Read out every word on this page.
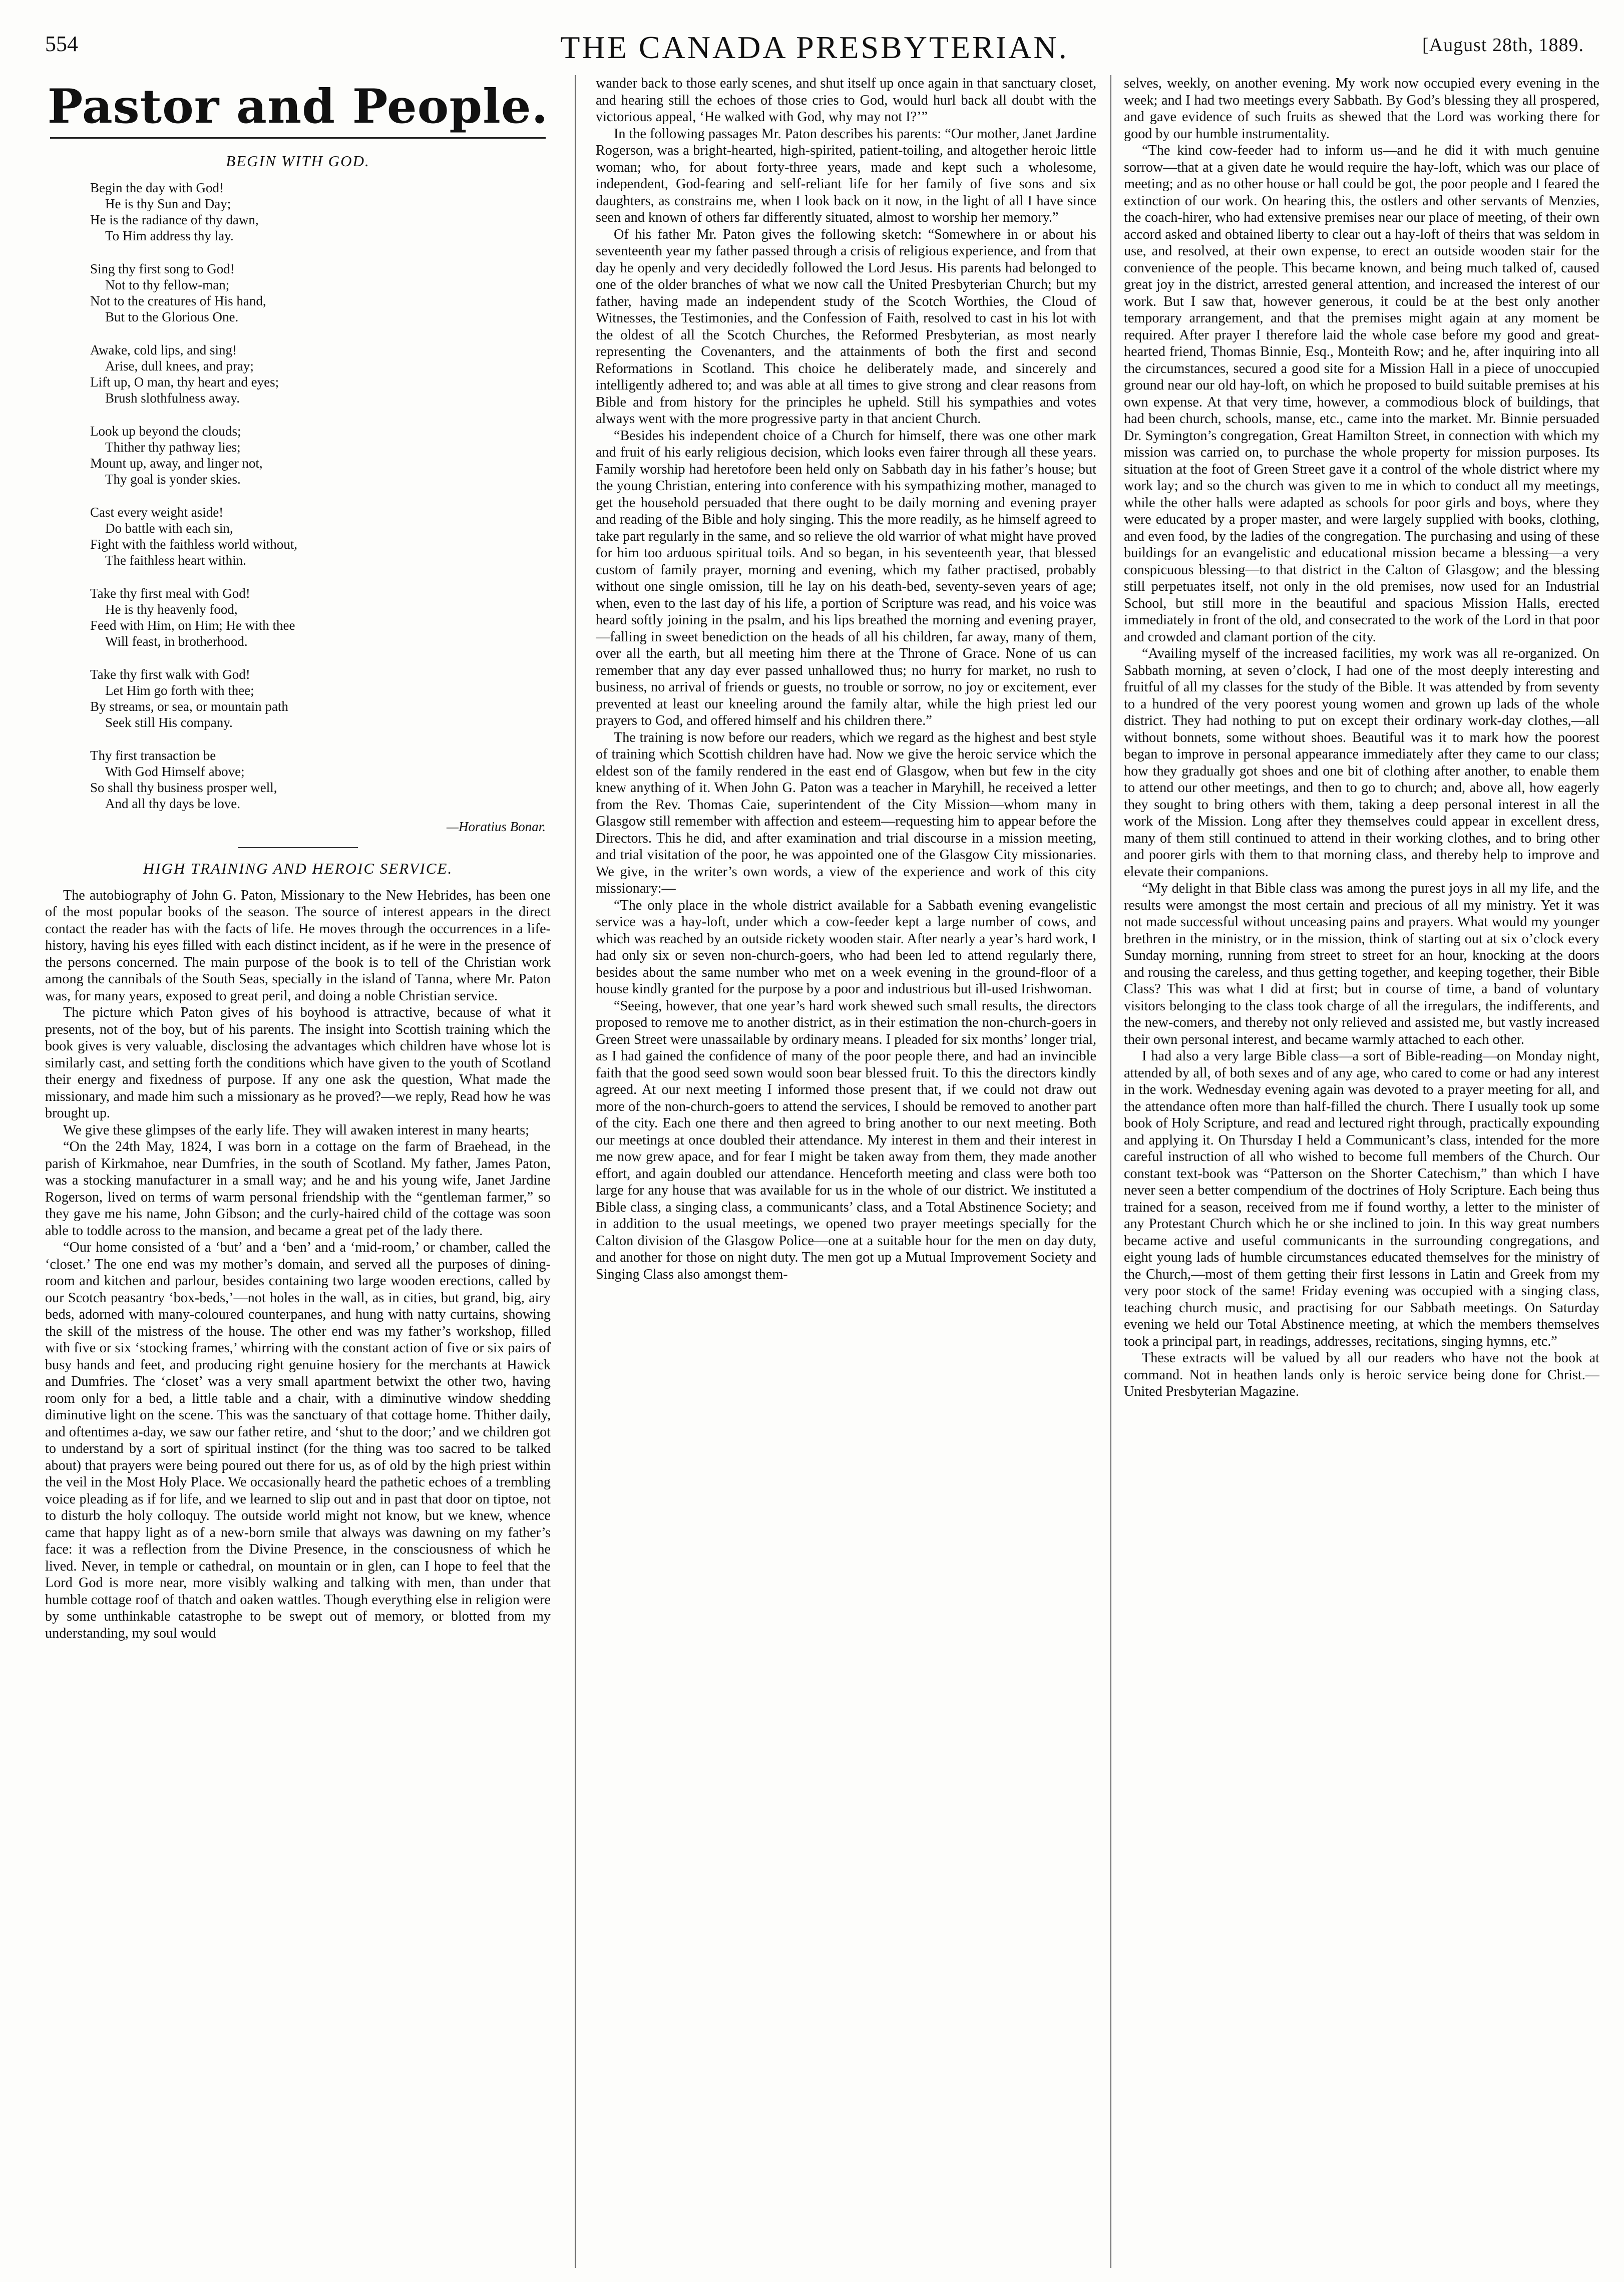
554	THE CANADA PRESBYTERIAN.	[August 28th, 1889.
Pastor and People.
BEGIN WITH GOD.
Begin the day with God!
He is thy Sun and Day;
He is the radiance of thy dawn,
To Him address thy lay.
Sing thy first song to God!
Not to thy fellow-man;
Not to the creatures of His hand,
But to the Glorious One.
Awake, cold lips, and sing!
Arise, dull knees, and pray;
Lift up, O man, thy heart and eyes;
Brush slothfulness away.
Look up beyond the clouds;
Thither thy pathway lies;
Mount up, away, and linger not,
Thy goal is yonder skies.
Cast every weight aside!
Do battle with each sin,
Fight with the faithless world without,
The faithless heart within.
Take thy first meal with God!
He is thy heavenly food,
Feed with Him, on Him; He with thee
Will feast, in brotherhood.
Take thy first walk with God!
Let Him go forth with thee;
By streams, or sea, or mountain path
Seek still His company.
Thy first transaction be
With God Himself above;
So shall thy business prosper well,
And all thy days be love.
—Horatius Bonar.
HIGH TRAINING AND HEROIC SERVICE.

The autobiography of John G. Paton, Missionary to the New Hebrides, has been one of the most popular books of the season. The source of interest appears in the direct contact the reader has with the facts of life. He moves through the occurrences in a life-history, having his eyes filled with each distinct incident, as if he were in the presence of the persons concerned. The main purpose of the book is to tell of the Christian work among the cannibals of the South Seas, specially in the island of Tanna, where Mr. Paton was, for many years, exposed to great peril, and doing a noble Christian service.

The picture which Paton gives of his boyhood is attractive, because of what it presents, not of the boy, but of his parents. The insight into Scottish training which the book gives is very valuable, disclosing the advantages which children have whose lot is similarly cast, and setting forth the conditions which have given to the youth of Scotland their energy and fixedness of purpose. If any one ask the question, What made the missionary, and made him such a missionary as he proved?—we reply, Read how he was brought up.

We give these glimpses of the early life. They will awaken interest in many hearts;

“On the 24th May, 1824, I was born in a cottage on the farm of Braehead, in the parish of Kirkmahoe, near Dumfries, in the south of Scotland. My father, James Paton, was a stocking manufacturer in a small way; and he and his young wife, Janet Jardine Rogerson, lived on terms of warm personal friendship with the “gentleman farmer,” so they gave me his name, John Gibson; and the curly-haired child of the cottage was soon able to toddle across to the mansion, and became a great pet of the lady there.

“Our home consisted of a ‘but’ and a ‘ben’ and a ‘mid-room,’ or chamber, called the ‘closet.’ The one end was my mother’s domain, and served all the purposes of dining-room and kitchen and parlour, besides containing two large wooden erections, called by our Scotch peasantry ‘box-beds,’—not holes in the wall, as in cities, but grand, big, airy beds, adorned with many-coloured counterpanes, and hung with natty curtains, showing the skill of the mistress of the house. The other end was my father’s workshop, filled with five or six ‘stocking frames,’ whirring with the constant action of five or six pairs of busy hands and feet, and producing right genuine hosiery for the merchants at Hawick and Dumfries. The ‘closet’ was a very small apartment betwixt the other two, having room only for a bed, a little table and a chair, with a diminutive window shedding diminutive light on the scene. This was the sanctuary of that cottage home. Thither daily, and oftentimes a-day, we saw our father retire, and ‘shut to the door;’ and we children got to understand by a sort of spiritual instinct (for the thing was too sacred to be talked about) that prayers were being poured out there for us, as of old by the high priest within the veil in the Most Holy Place. We occasionally heard the pathetic echoes of a trembling voice pleading as if for life, and we learned to slip out and in past that door on tiptoe, not to disturb the holy colloquy. The outside world might not know, but we knew, whence came that happy light as of a new-born smile that always was dawning on my father’s face: it was a reflection from the Divine Presence, in the consciousness of which he lived. Never, in temple or cathedral, on mountain or in glen, can I hope to feel that the Lord God is more near, more visibly walking and talking with men, than under that humble cottage roof of thatch and oaken wattles. Though everything else in religion were by some unthinkable catastrophe to be swept out of memory, or blotted from my understanding, my soul would

wander back to those early scenes, and shut itself up once again in that sanctuary closet, and hearing still the echoes of those cries to God, would hurl back all doubt with the victorious appeal, ‘He walked with God, why may not I?’”

In the following passages Mr. Paton describes his parents: “Our mother, Janet Jardine Rogerson, was a bright-hearted, high-spirited, patient-toiling, and altogether heroic little woman; who, for about forty-three years, made and kept such a wholesome, independent, God-fearing and self-reliant life for her family of five sons and six daughters, as constrains me, when I look back on it now, in the light of all I have since seen and known of others far differently situated, almost to worship her memory.”

Of his father Mr. Paton gives the following sketch: “Somewhere in or about his seventeenth year my father passed through a crisis of religious experience, and from that day he openly and very decidedly followed the Lord Jesus. His parents had belonged to one of the older branches of what we now call the United Presbyterian Church; but my father, having made an independent study of the Scotch Worthies, the Cloud of Witnesses, the Testimonies, and the Confession of Faith, resolved to cast in his lot with the oldest of all the Scotch Churches, the Reformed Presbyterian, as most nearly representing the Covenanters, and the attainments of both the first and second Reformations in Scotland. This choice he deliberately made, and sincerely and intelligently adhered to; and was able at all times to give strong and clear reasons from Bible and from history for the principles he upheld. Still his sympathies and votes always went with the more progressive party in that ancient Church.

“Besides his independent choice of a Church for himself, there was one other mark and fruit of his early religious decision, which looks even fairer through all these years. Family worship had heretofore been held only on Sabbath day in his father’s house; but the young Christian, entering into conference with his sympathizing mother, managed to get the household persuaded that there ought to be daily morning and evening prayer and reading of the Bible and holy singing. This the more readily, as he himself agreed to take part regularly in the same, and so relieve the old warrior of what might have proved for him too arduous spiritual toils. And so began, in his seventeenth year, that blessed custom of family prayer, morning and evening, which my father practised, probably without one single omission, till he lay on his death-bed, seventy-seven years of age; when, even to the last day of his life, a portion of Scripture was read, and his voice was heard softly joining in the psalm, and his lips breathed the morning and evening prayer,—falling in sweet benediction on the heads of all his children, far away, many of them, over all the earth, but all meeting him there at the Throne of Grace. None of us can remember that any day ever passed unhallowed thus; no hurry for market, no rush to business, no arrival of friends or guests, no trouble or sorrow, no joy or excitement, ever prevented at least our kneeling around the family altar, while the high priest led our prayers to God, and offered himself and his children there.”

The training is now before our readers, which we regard as the highest and best style of training which Scottish children have had. Now we give the heroic service which the eldest son of the family rendered in the east end of Glasgow, when but few in the city knew anything of it. When John G. Paton was a teacher in Maryhill, he received a letter from the Rev. Thomas Caie, superintendent of the City Mission—whom many in Glasgow still remember with affection and esteem—requesting him to appear before the Directors. This he did, and after examination and trial discourse in a mission meeting, and trial visitation of the poor, he was appointed one of the Glasgow City missionaries. We give, in the writer’s own words, a view of the experience and work of this city missionary:—

“The only place in the whole district available for a Sabbath evening evangelistic service was a hay-loft, under which a cow-feeder kept a large number of cows, and which was reached by an outside rickety wooden stair. After nearly a year’s hard work, I had only six or seven non-church-goers, who had been led to attend regularly there, besides about the same number who met on a week evening in the ground-floor of a house kindly granted for the purpose by a poor and industrious but ill-used Irishwoman.

“Seeing, however, that one year’s hard work shewed such small results, the directors proposed to remove me to another district, as in their estimation the non-church-goers in Green Street were unassailable by ordinary means. I pleaded for six months’ longer trial, as I had gained the confidence of many of the poor people there, and had an invincible faith that the good seed sown would soon bear blessed fruit. To this the directors kindly agreed. At our next meeting I informed those present that, if we could not draw out more of the non-church-goers to attend the services, I should be removed to another part of the city. Each one there and then agreed to bring another to our next meeting. Both our meetings at once doubled their attendance. My interest in them and their interest in me now grew apace, and for fear I might be taken away from them, they made another effort, and again doubled our attendance. Henceforth meeting and class were both too large for any house that was available for us in the whole of our district. We instituted a Bible class, a singing class, a communicants’ class, and a Total Abstinence Society; and in addition to the usual meetings, we opened two prayer meetings specially for the Calton division of the Glasgow Police—one at a suitable hour for the men on day duty, and another for those on night duty. The men got up a Mutual Improvement Society and Singing Class also amongst them-

selves, weekly, on another evening. My work now occupied every evening in the week; and I had two meetings every Sabbath. By God’s blessing they all prospered, and gave evidence of such fruits as shewed that the Lord was working there for good by our humble instrumentality.

“The kind cow-feeder had to inform us—and he did it with much genuine sorrow—that at a given date he would require the hay-loft, which was our place of meeting; and as no other house or hall could be got, the poor people and I feared the extinction of our work. On hearing this, the ostlers and other servants of Menzies, the coach-hirer, who had extensive premises near our place of meeting, of their own accord asked and obtained liberty to clear out a hay-loft of theirs that was seldom in use, and resolved, at their own expense, to erect an outside wooden stair for the convenience of the people. This became known, and being much talked of, caused great joy in the district, arrested general attention, and increased the interest of our work. But I saw that, however generous, it could be at the best only another temporary arrangement, and that the premises might again at any moment be required. After prayer I therefore laid the whole case before my good and great-hearted friend, Thomas Binnie, Esq., Monteith Row; and he, after inquiring into all the circumstances, secured a good site for a Mission Hall in a piece of unoccupied ground near our old hay-loft, on which he proposed to build suitable premises at his own expense. At that very time, however, a commodious block of buildings, that had been church, schools, manse, etc., came into the market. Mr. Binnie persuaded Dr. Symington’s congregation, Great Hamilton Street, in connection with which my mission was carried on, to purchase the whole property for mission purposes. Its situation at the foot of Green Street gave it a control of the whole district where my work lay; and so the church was given to me in which to conduct all my meetings, while the other halls were adapted as schools for poor girls and boys, where they were educated by a proper master, and were largely supplied with books, clothing, and even food, by the ladies of the congregation. The purchasing and using of these buildings for an evangelistic and educational mission became a blessing—a very conspicuous blessing—to that district in the Calton of Glasgow; and the blessing still perpetuates itself, not only in the old premises, now used for an Industrial School, but still more in the beautiful and spacious Mission Halls, erected immediately in front of the old, and consecrated to the work of the Lord in that poor and crowded and clamant portion of the city.

“Availing myself of the increased facilities, my work was all re-organized. On Sabbath morning, at seven o’clock, I had one of the most deeply interesting and fruitful of all my classes for the study of the Bible. It was attended by from seventy to a hundred of the very poorest young women and grown up lads of the whole district. They had nothing to put on except their ordinary work-day clothes,—all without bonnets, some without shoes. Beautiful was it to mark how the poorest began to improve in personal appearance immediately after they came to our class; how they gradually got shoes and one bit of clothing after another, to enable them to attend our other meetings, and then to go to church; and, above all, how eagerly they sought to bring others with them, taking a deep personal interest in all the work of the Mission. Long after they themselves could appear in excellent dress, many of them still continued to attend in their working clothes, and to bring other and poorer girls with them to that morning class, and thereby help to improve and elevate their companions.

“My delight in that Bible class was among the purest joys in all my life, and the results were amongst the most certain and precious of all my ministry. Yet it was not made successful without unceasing pains and prayers. What would my younger brethren in the ministry, or in the mission, think of starting out at six o’clock every Sunday morning, running from street to street for an hour, knocking at the doors and rousing the careless, and thus getting together, and keeping together, their Bible Class? This was what I did at first; but in course of time, a band of voluntary visitors belonging to the class took charge of all the irregulars, the indifferents, and the new-comers, and thereby not only relieved and assisted me, but vastly increased their own personal interest, and became warmly attached to each other.

I had also a very large Bible class—a sort of Bible-reading—on Monday night, attended by all, of both sexes and of any age, who cared to come or had any interest in the work. Wednesday evening again was devoted to a prayer meeting for all, and the attendance often more than half-filled the church. There I usually took up some book of Holy Scripture, and read and lectured right through, practically expounding and applying it. On Thursday I held a Communicant’s class, intended for the more careful instruction of all who wished to become full members of the Church. Our constant text-book was “Patterson on the Shorter Catechism,” than which I have never seen a better compendium of the doctrines of Holy Scripture. Each being thus trained for a season, received from me if found worthy, a letter to the minister of any Protestant Church which he or she inclined to join. In this way great numbers became active and useful communicants in the surrounding congregations, and eight young lads of humble circumstances educated themselves for the ministry of the Church,—most of them getting their first lessons in Latin and Greek from my very poor stock of the same! Friday evening was occupied with a singing class, teaching church music, and practising for our Sabbath meetings. On Saturday evening we held our Total Abstinence meeting, at which the members themselves took a principal part, in readings, addresses, recitations, singing hymns, etc.”

These extracts will be valued by all our readers who have not the book at command. Not in heathen lands only is heroic service being done for Christ.—United Presbyterian Magazine.
